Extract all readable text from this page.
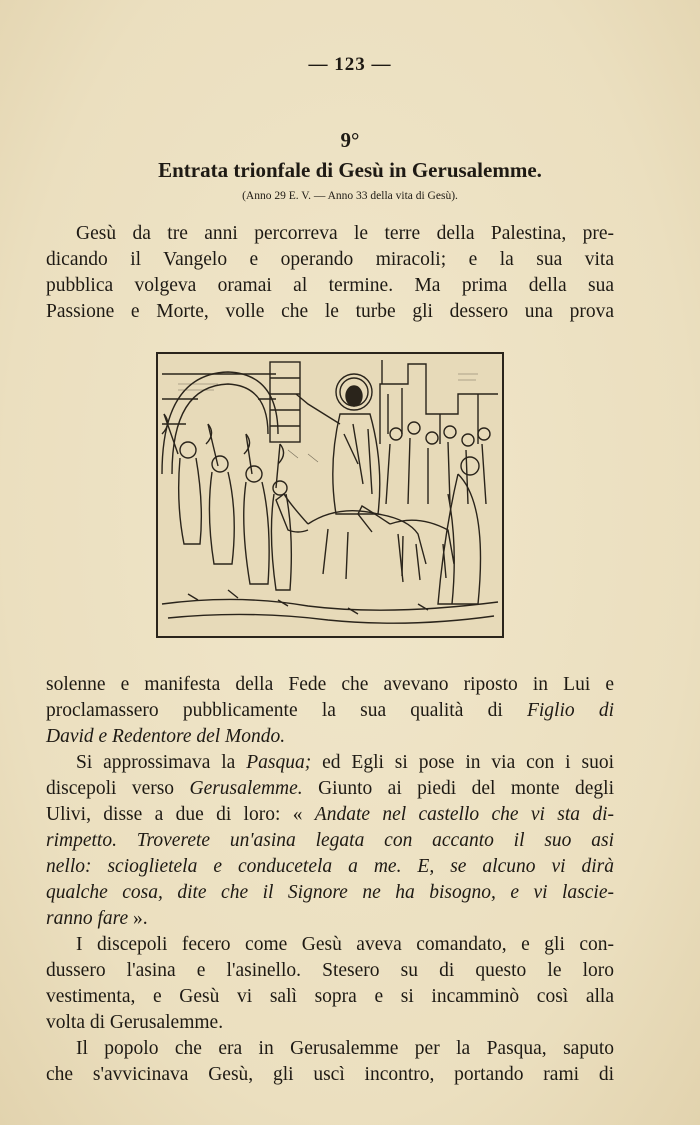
— 123 —
9°
Entrata trionfale di Gesù in Gerusalemme.
(Anno 29 E. V. — Anno 33 della vita di Gesù).

Gesù da tre anni percorreva le terre della Palestina, pre-
dicando il Vangelo e operando miracoli; e la sua vita
pubblica volgeva oramai al termine. Ma prima della sua
Passione e Morte, volle che le turbe gli dessero una prova

solenne e manifesta della Fede che avevano riposto in Lui e
proclamassero pubblicamente la sua qualità di Figlio di
David e Redentore del Mondo.
Si approssimava la Pasqua; ed Egli si pose in via con i suoi
discepoli verso Gerusalemme. Giunto ai piedi del monte degli
Ulivi, disse a due di loro: « Andate nel castello che vi sta di-
rimpetto. Troverete un'asina legata con accanto il suo asi
nello: scioglietela e conducetela a me. E, se alcuno vi dirà
qualche cosa, dite che il Signore ne ha bisogno, e vi lascie-
ranno fare ».
I discepoli fecero come Gesù aveva comandato, e gli con-
dussero l'asina e l'asinello. Stesero su di questo le loro
vestimenta, e Gesù vi salì sopra e si incamminò così alla
volta di Gerusalemme.
Il popolo che era in Gerusalemme per la Pasqua, saputo
che s'avvicinava Gesù, gli uscì incontro, portando rami di
